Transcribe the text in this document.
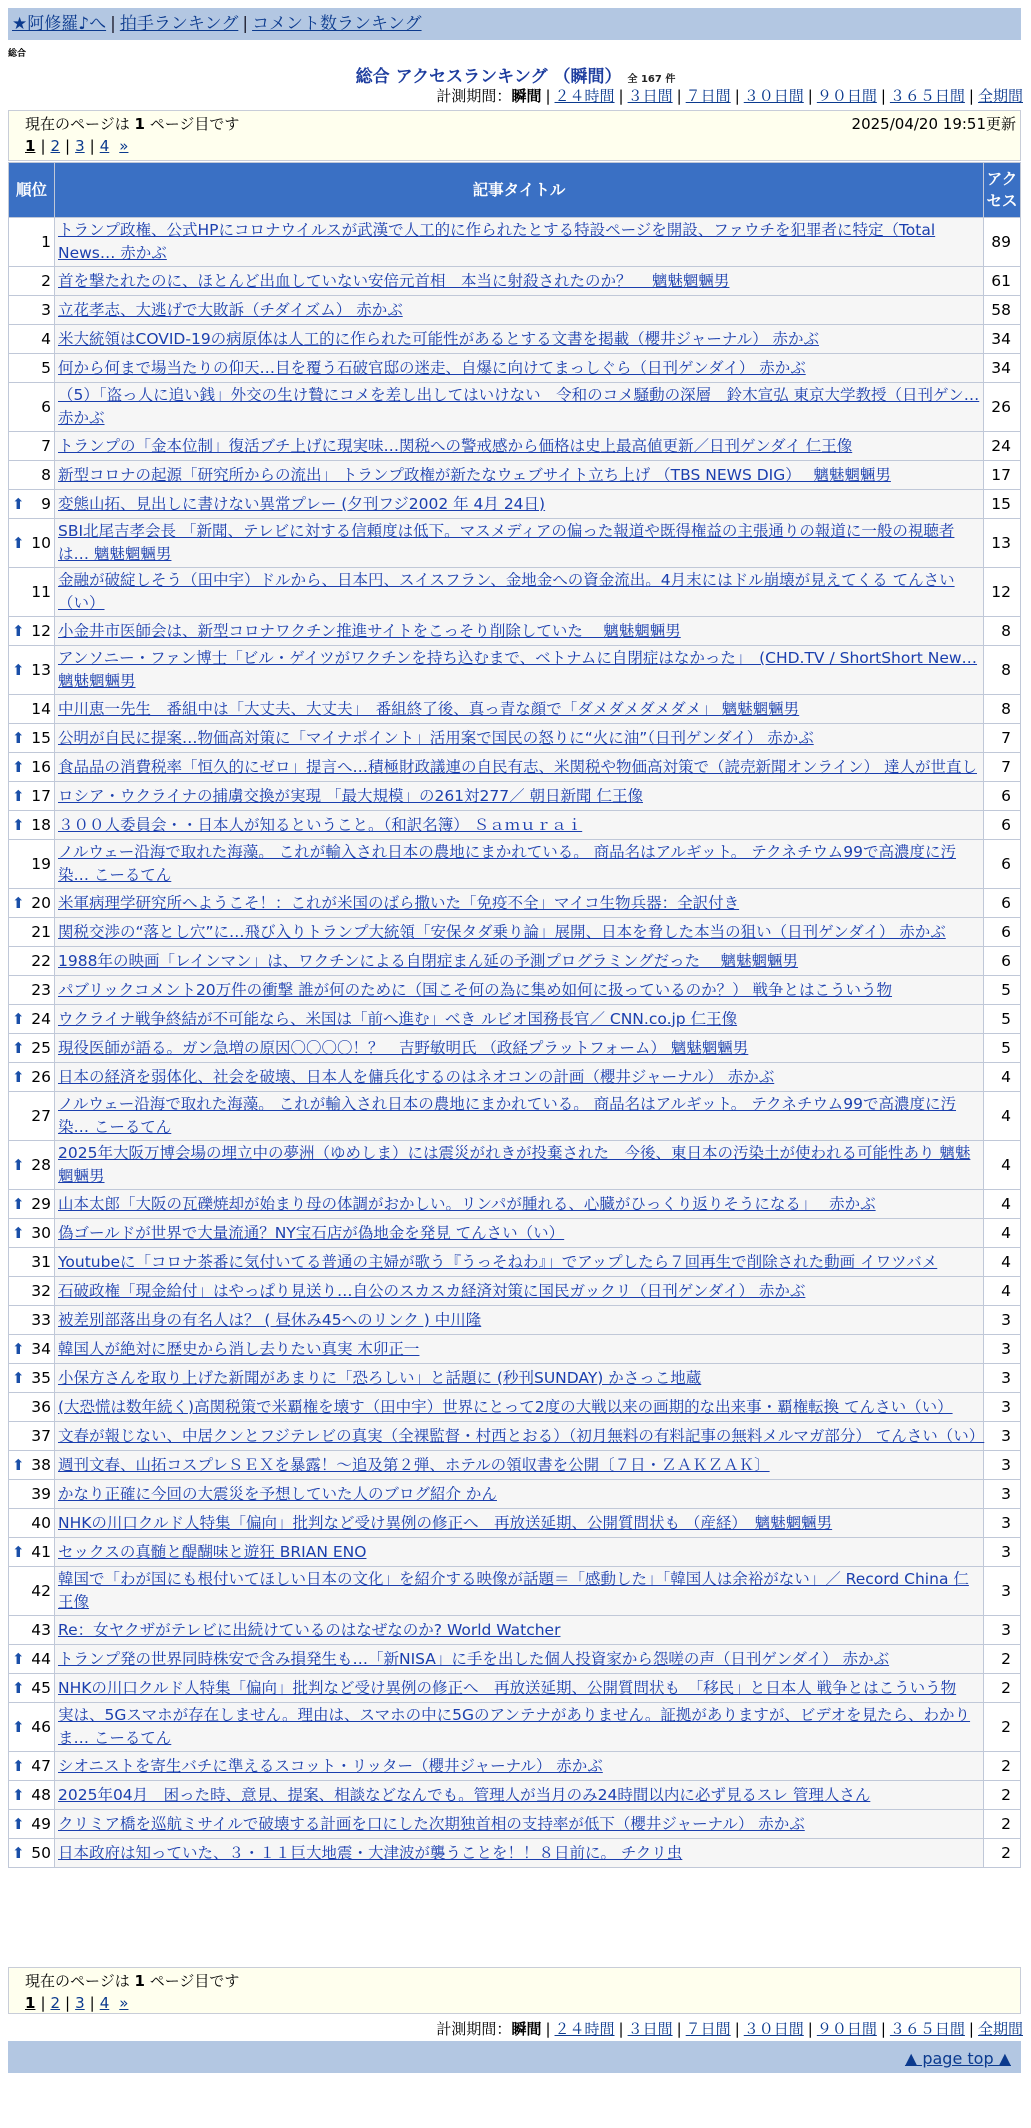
★阿修羅♪へ | 拍手ランキング | コメント数ランキング
総合
総合 アクセスランキング （瞬間） 全 167 件
計測期間：瞬間 | ２４時間 | ３日間 | ７日間 | ３０日間 | ９０日間 | ３６５日間 | 全期間
現在のページは 1 ページ目です	2025/04/20 19:51更新
1 | 2 | 3 | 4 »
順位	記事タイトル	アクセス
1	トランプ政権、公式HPにコロナウイルスが武漢で人工的に作られたとする特設ページを開設、ファウチを犯罪者に特定（Total News… 赤かぶ	89
2	首を撃たれたのに、ほとんど出血していない安倍元首相　本当に射殺されたのか？　 魑魅魍魎男	61
3	立花孝志、大逃げで大敗訴（チダイズム） 赤かぶ	58
4	米大統領はCOVID-19の病原体は人工的に作られた可能性があるとする文書を掲載（櫻井ジャーナル） 赤かぶ	34
5	何から何まで場当たりの仰天…目を覆う石破官邸の迷走、自爆に向けてまっしぐら（日刊ゲンダイ） 赤かぶ	34
6	（5）「盗っ人に追い銭」外交の生け贄にコメを差し出してはいけない　令和のコメ騒動の深層　鈴木宣弘 東京大学教授（日刊ゲン… 赤かぶ	26
7	トランプの「金本位制」復活ブチ上げに現実味…関税への警戒感から価格は史上最高値更新／日刊ゲンダイ 仁王像	24
8	新型コロナの起源「研究所からの流出」 トランプ政権が新たなウェブサイト立ち上げ （TBS NEWS DIG）　 魑魅魍魎男	17

⬆ 9	変態山拓、見出しに書けない異常プレー (夕刊フジ2002 年 4月 24日)	15

⬆ 10	SBI北尾吉孝会長 「新聞、テレビに対する信頼度は低下。マスメディアの偏った報道や既得権益の主張通りの報道に一般の視聴者は… 魑魅魍魎男	13
11	金融が破綻しそう（田中宇）ドルから、日本円、スイスフラン、金地金への資金流出。4月末にはドル崩壊が見えてくる てんさい（い）	12

⬆ 12	小金井市医師会は、新型コロナワクチン推進サイトをこっそり削除していた　 魑魅魍魎男	8

⬆ 13	アンソニー・ファン博士「ビル・ゲイツがワクチンを持ち込むまで、ベトナムに自閉症はなかった」　(CHD.TV / ShortShort New… 魑魅魍魎男	8
14	中川恵一先生　番組中は「大丈夫、大丈夫」　番組終了後、真っ青な顔で「ダメダメダメダメ」 魑魅魍魎男	8

⬆ 15	公明が自民に提案…物価高対策に「マイナポイント」活用案で国民の怒りに“火に油”（日刊ゲンダイ） 赤かぶ	7

⬆ 16	食品品の消費税率「恒久的にゼロ」提言へ…積極財政議連の自民有志、米関税や物価高対策で（読売新聞オンライン） 達人が世直し	7

⬆ 17	ロシア・ウクライナの捕虜交換が実現 「最大規模」の261対277／ 朝日新聞 仁王像	6

⬆ 18	３００人委員会・・日本人が知るということ。（和訳名簿） Ｓａｍｕｒａｉ	6
19	ノルウェー沿海で取れた海藻。 これが輸入され日本の農地にまかれている。 商品名はアルギット。 テクネチウム99で高濃度に汚染… こーるてん	6

⬆ 20	米軍病理学研究所へようこそ！：これが米国のばら撒いた「免疫不全」マイコ生物兵器：全訳付き	6
21	関税交渉の“落とし穴”に…飛び入りトランプ大統領「安保タダ乗り論」展開、日本を脅した本当の狙い（日刊ゲンダイ） 赤かぶ	6
22	1988年の映画「レインマン」は、ワクチンによる自閉症まん延の予測プログラミングだった　 魑魅魍魎男	6
23	パブリックコメント20万件の衝撃 誰が何のために（国こそ何の為に集め如何に扱っているのか？） 戦争とはこういう物	5

⬆ 24	ウクライナ戦争終結が不可能なら、米国は「前へ進む」べき ルビオ国務長官／ CNN.co.jp 仁王像	5

⬆ 25	現役医師が語る。ガン急増の原因〇〇〇〇！？　吉野敏明氏 （政経プラットフォーム） 魑魅魍魎男	5

⬆ 26	日本の経済を弱体化、社会を破壊、日本人を傭兵化するのはネオコンの計画（櫻井ジャーナル） 赤かぶ	4
27	ノルウェー沿海で取れた海藻。 これが輸入され日本の農地にまかれている。 商品名はアルギット。 テクネチウム99で高濃度に汚染… こーるてん	4

⬆ 28	2025年大阪万博会場の埋立中の夢洲（ゆめしま）には震災がれきが投棄された　今後、東日本の汚染土が使われる可能性あり 魑魅魍魎男	4

⬆ 29	山本太郎「大阪の瓦礫焼却が始まり母の体調がおかしい。リンパが腫れる、心臓がひっくり返りそうになる」　 赤かぶ	4

⬆ 30	偽ゴールドが世界で大量流通？NY宝石店が偽地金を発見 てんさい（い）	4
31	Youtubeに「コロナ茶番に気付いてる普通の主婦が歌う『うっそねわ』」でアップしたら７回再生で削除された動画 イワツバメ	4
32	石破政権「現金給付」はやっぱり見送り…自公のスカスカ経済対策に国民ガックリ（日刊ゲンダイ） 赤かぶ	4
33	被差別部落出身の有名人は？ ( 昼休み45へのリンク ) 中川隆	3

⬆ 34	韓国人が絶対に歴史から消し去りたい真実 木卯正一	3

⬆ 35	小保方さんを取り上げた新聞があまりに「恐ろしい」と話題に (秒刊SUNDAY) かさっこ地蔵	3
36	(大恐慌は数年続く)高関税策で米覇権を壊す（田中宇）世界にとって2度の大戦以来の画期的な出来事・覇権転換 てんさい（い）	3
37	文春が報じない、中居クンとフジテレビの真実（全裸監督・村西とおる）（初月無料の有料記事の無料メルマガ部分） てんさい（い）	3

⬆ 38	週刊文春、山拓コスプレＳＥＸを暴露！～追及第２弾、ホテルの領収書を公開〔７日・ＺＡＫＺＡＫ〕	3
39	かなり正確に今回の大震災を予想していた人のブログ紹介 かん	3
40	NHKの川口クルド人特集「偏向」批判など受け異例の修正へ　再放送延期、公開質問状も （産経）　魑魅魍魎男	3

⬆ 41	セックスの真髄と醍醐味と遊狂 BRIAN ENO	3
42	韓国で「わが国にも根付いてほしい日本の文化」を紹介する映像が話題＝「感動した」「韓国人は余裕がない」／ Record China 仁王像	3
43	Re：女ヤクザがテレビに出続けているのはなぜなのか? World Watcher	3

⬆ 44	トランプ発の世界同時株安で含み損発生も…「新NISA」に手を出した個人投資家から怨嗟の声（日刊ゲンダイ） 赤かぶ	2

⬆ 45	NHKの川口クルド人特集「偏向」批判など受け異例の修正へ　再放送延期、公開質問状も　「移民」と日本人 戦争とはこういう物	2

⬆ 46	実は、5Gスマホが存在しません。理由は、スマホの中に5Gのアンテナがありません。証拠がありますが、ビデオを見たら、わかりま… こーるてん	2

⬆ 47	シオニストを寄生バチに準えるスコット・リッター（櫻井ジャーナル） 赤かぶ	2

⬆ 48	2025年04月　困った時、意見、提案、相談などなんでも。管理人が当月のみ24時間以内に必ず見るスレ 管理人さん	2

⬆ 49	クリミア橋を巡航ミサイルで破壊する計画を口にした次期独首相の支持率が低下（櫻井ジャーナル） 赤かぶ	2

⬆ 50	日本政府は知っていた、３・１１巨大地震・大津波が襲うことを！！８日前に。 チクリ虫	2
現在のページは 1 ページ目です
1 | 2 | 3 | 4 »
計測期間：瞬間 | ２４時間 | ３日間 | ７日間 | ３０日間 | ９０日間 | ３６５日間 | 全期間
▲ page top ▲
